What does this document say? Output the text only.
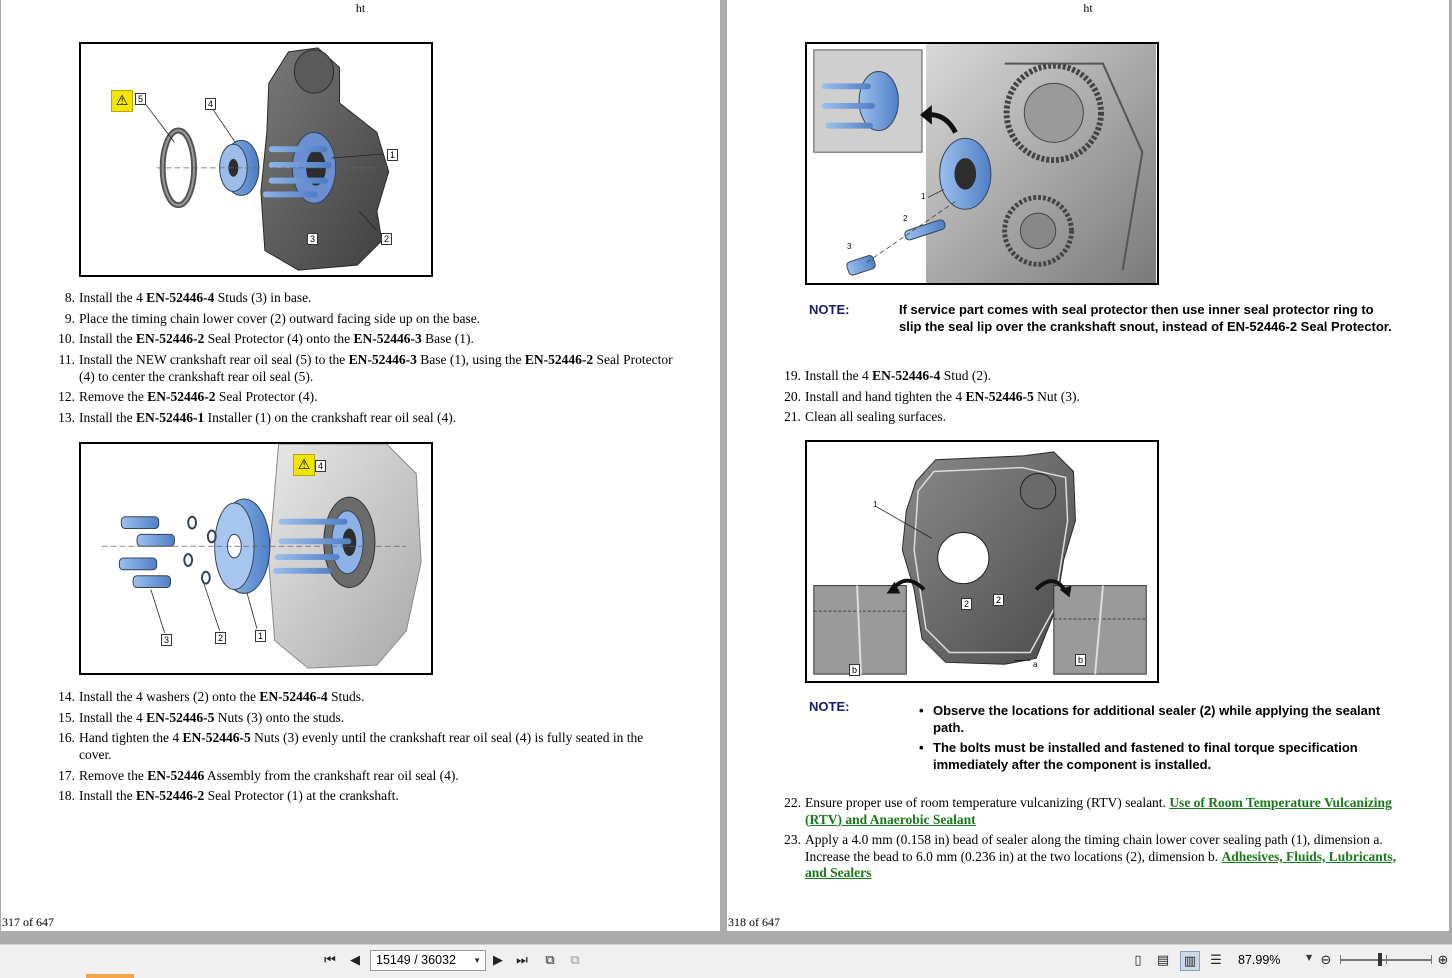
ht
⚠	5	4
1
3	2
8. Install the 4 EN-52446-4 Studs (3) in base.
9. Place the timing chain lower cover (2) outward facing side up on the base.
10. Install the EN-52446-2 Seal Protector (4) onto the EN-52446-3 Base (1).
11. Install the NEW crankshaft rear oil seal (5) to the EN-52446-3 Base (1), using the EN-52446-2 Seal Protector (4) to center the crankshaft rear oil seal (5).
12. Remove the EN-52446-2 Seal Protector (4).
13. Install the EN-52446-1 Installer (1) on the crankshaft rear oil seal (4).
⚠ 4
3	2	1
14. Install the 4 washers (2) onto the EN-52446-4 Studs.
15. Install the 4 EN-52446-5 Nuts (3) onto the studs.
16. Hand tighten the 4 EN-52446-5 Nuts (3) evenly until the crankshaft rear oil seal (4) is fully seated in the cover.
17. Remove the EN-52446 Assembly from the crankshaft rear oil seal (4).
18. Install the EN-52446-2 Seal Protector (1) at the crankshaft.
317 of 647
ht
1
2
3
NOTE:	If service part comes with seal protector then use inner seal protector ring to slip the seal lip over the crankshaft snout, instead of EN-52446-2 Seal Protector.
19. Install the 4 EN-52446-4 Stud (2).
20. Install and hand tighten the 4 EN-52446-5 Nut (3).
21. Clean all sealing surfaces.
1
2	2
a
b
b
NOTE:
•	Observe the locations for additional sealer (2) while applying the sealant path.
• The bolts must be installed and fastened to final torque specification immediately after the component is installed.
22. Ensure proper use of room temperature vulcanizing (RTV) sealant. Use of Room Temperature Vulcanizing (RTV) and Anaerobic Sealant
23. Apply a 4.0 mm (0.158 in) bead of sealer along the timing chain lower cover sealing path (1), dimension a. Increase the bead to 6.0 mm (0.236 in) at the two locations (2), dimension b. Adhesives, Fluids, Lubricants, and Sealers
318 of 647
⏮	◀	15149 / 36032 ▼ ▶	⏭	⧉	⧉	▯	▤ ▥	☰	87.99%	▼ ⊖	⊕
